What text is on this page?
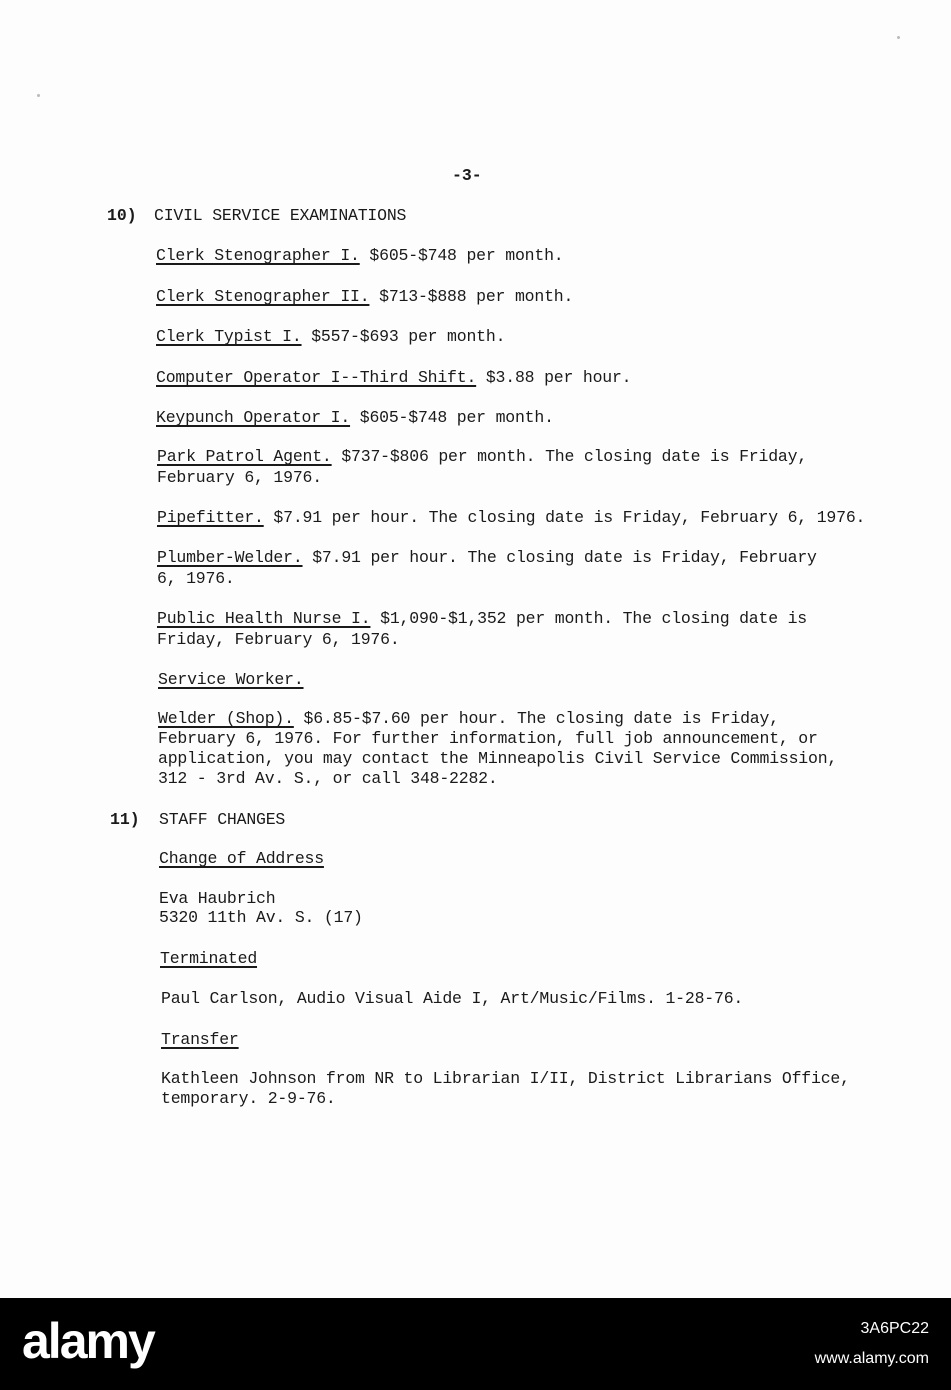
-3-
10) CIVIL SERVICE EXAMINATIONS
Clerk Stenographer I. $605-$748 per month.
Clerk Stenographer II. $713-$888 per month.
Clerk Typist I. $557-$693 per month.
Computer Operator I--Third Shift. $3.88 per hour.
Keypunch Operator I. $605-$748 per month.
Park Patrol Agent. $737-$806 per month. The closing date is Friday,
February 6, 1976.
Pipefitter. $7.91 per hour. The closing date is Friday, February 6, 1976.
Plumber-Welder. $7.91 per hour. The closing date is Friday, February
6, 1976.
Public Health Nurse I. $1,090-$1,352 per month. The closing date is
Friday, February 6, 1976.
Service Worker.
Welder (Shop). $6.85-$7.60 per hour. The closing date is Friday,
February 6, 1976. For further information, full job announcement, or
application, you may contact the Minneapolis Civil Service Commission,
312 - 3rd Av. S., or call 348-2282.
11) STAFF CHANGES
Change of Address
Eva Haubrich
5320 11th Av. S. (17)
Terminated
Paul Carlson, Audio Visual Aide I, Art/Music/Films. 1-28-76.
Transfer
Kathleen Johnson from NR to Librarian I/II, District Librarians Office,
temporary. 2-9-76.
alamy	3A6PC22
www.alamy.com
